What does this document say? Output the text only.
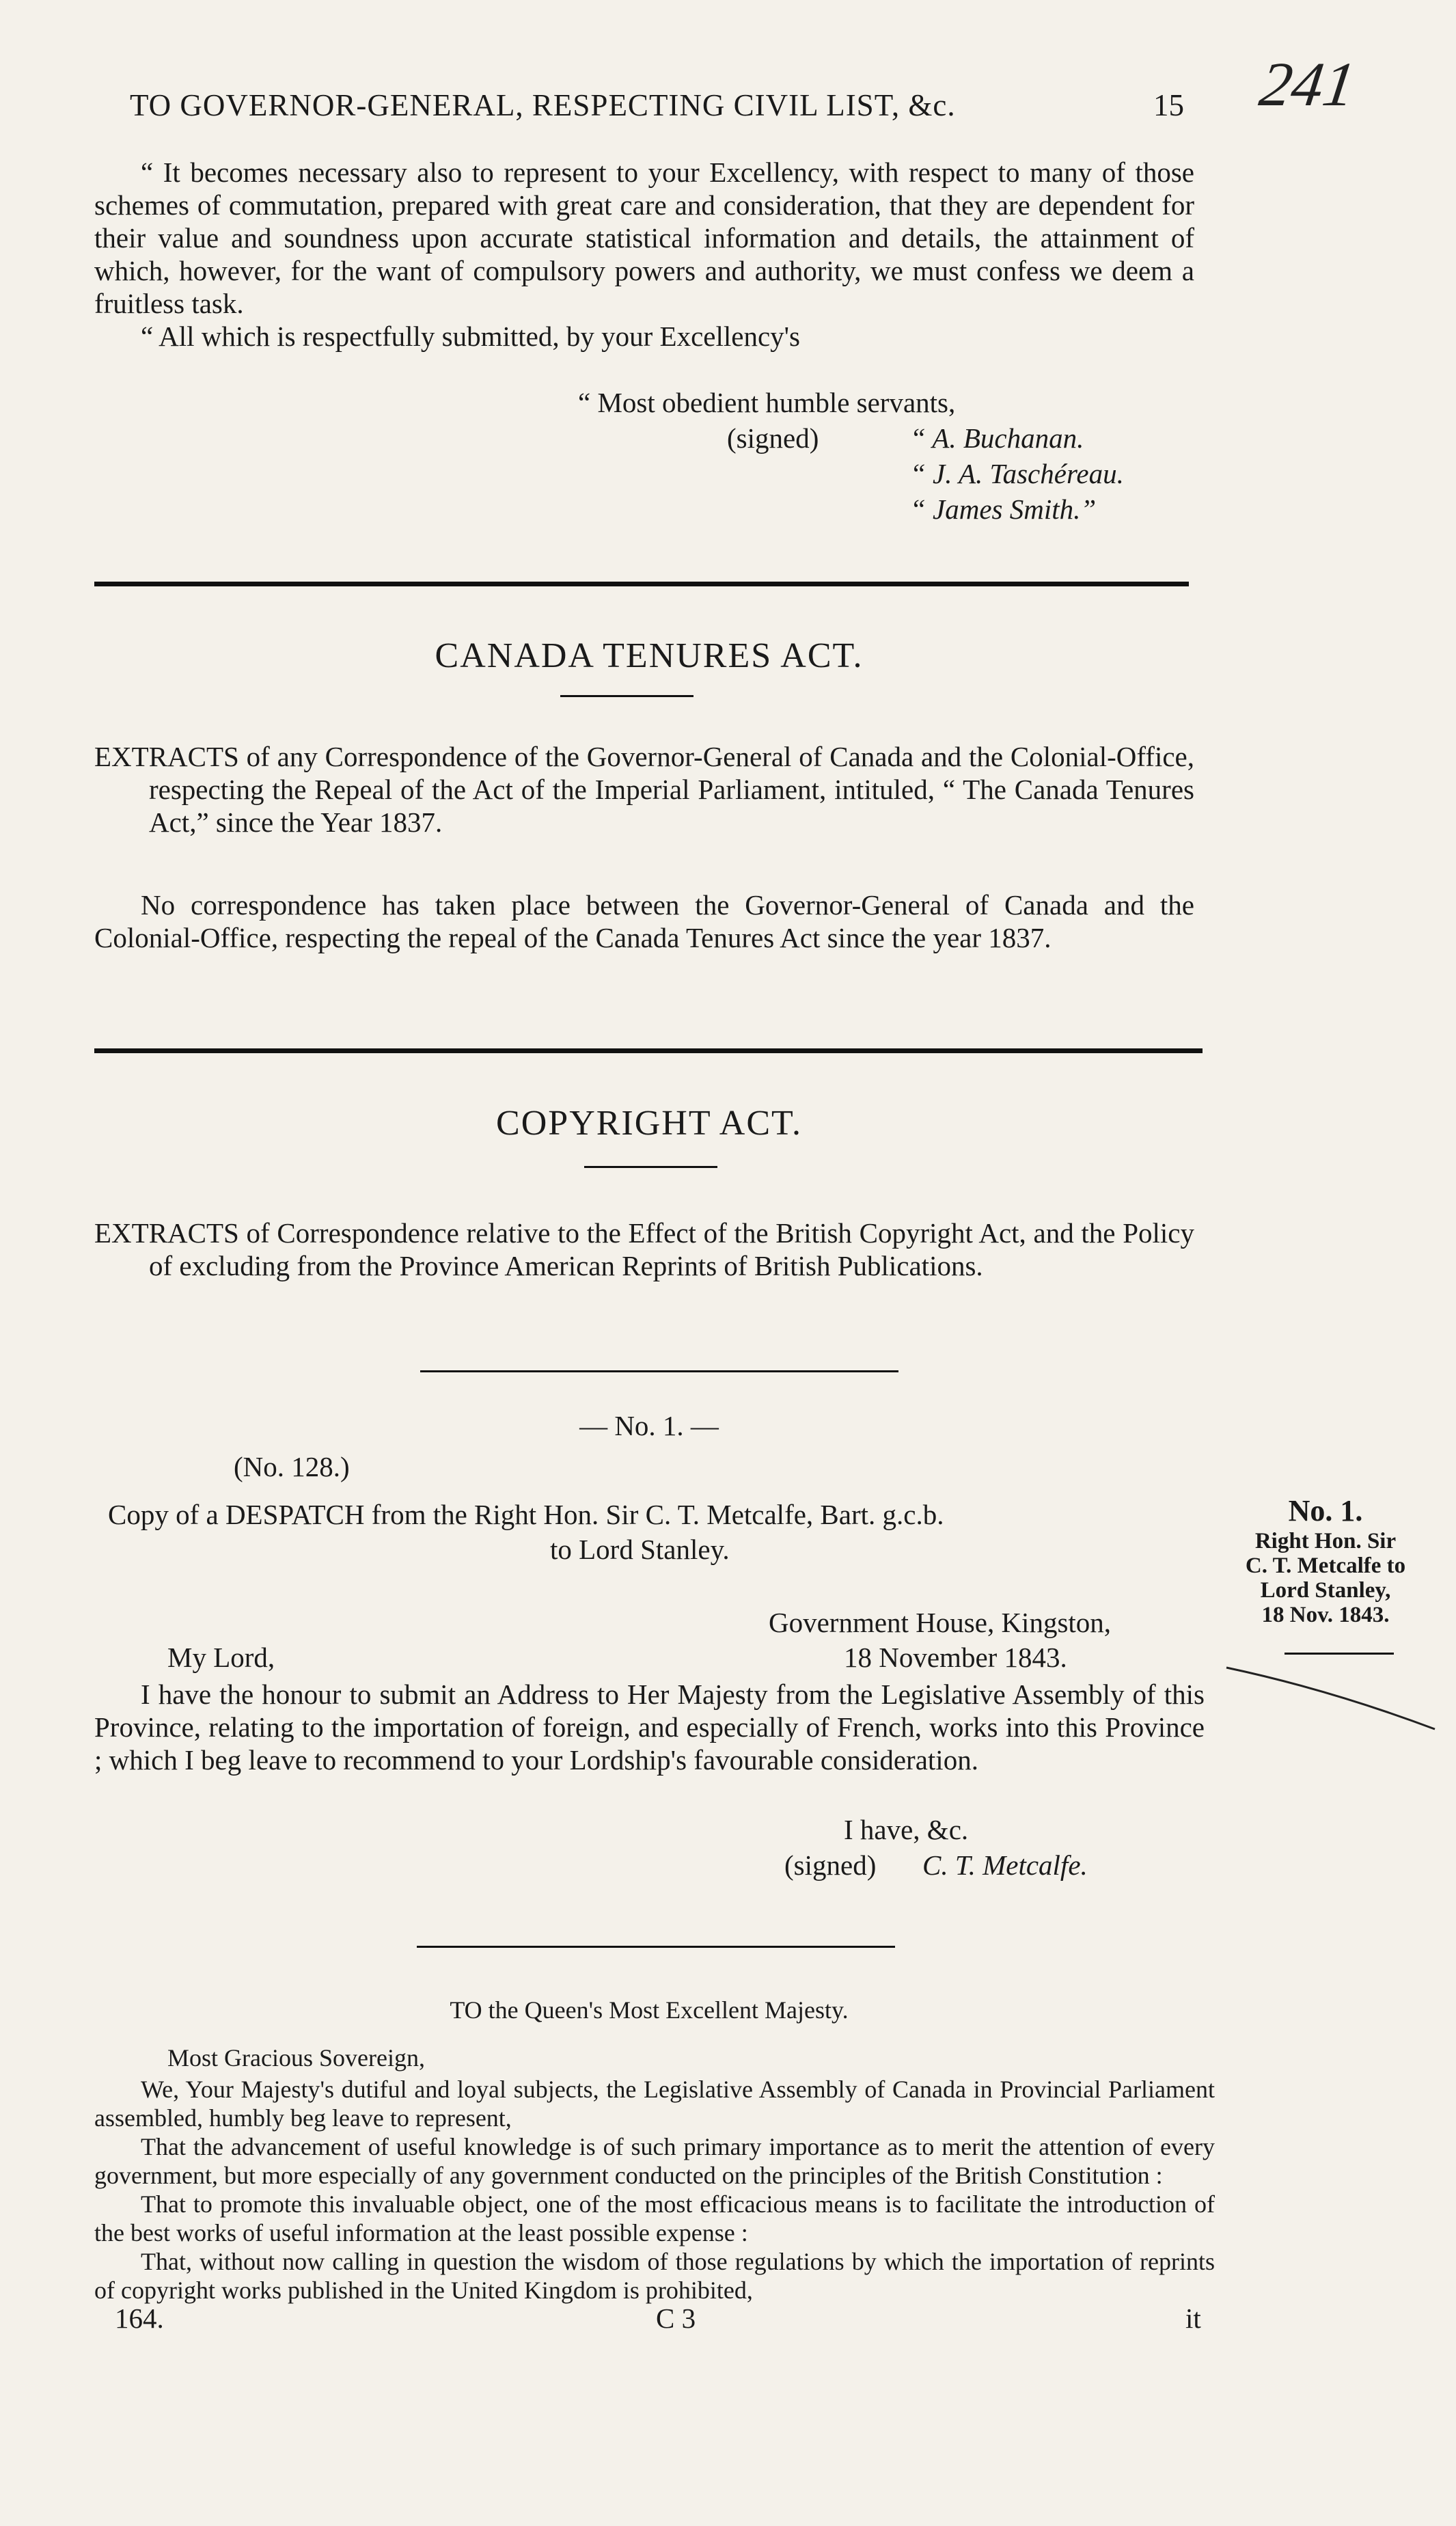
TO GOVERNOR-GENERAL, RESPECTING CIVIL LIST, &c.	15 241

“ It becomes necessary also to represent to your Excellency, with respect to many of those schemes of commutation, prepared with great care and consideration, that they are dependent for their value and soundness upon accurate statistical information and details, the attainment of which, however, for the want of compulsory powers and authority, we must confess we deem a fruitless task.

“ All which is respectfully submitted, by your Excellency's

“ Most obedient humble servants,
(signed)	“ A. Buchanan.
“ J. A. Taschéreau.
“ James Smith.”
CANADA TENURES ACT.

EXTRACTS of any Correspondence of the Governor-General of Canada and the Colonial-Office, respecting the Repeal of the Act of the Imperial Parliament, intituled, “ The Canada Tenures Act,” since the Year 1837.

No correspondence has taken place between the Governor-General of Canada and the Colonial-Office, respecting the repeal of the Canada Tenures Act since the year 1837.

COPYRIGHT ACT.

EXTRACTS of Correspondence relative to the Effect of the British Copyright Act, and the Policy of excluding from the Province American Reprints of British Publications.

— No. 1. —
(No. 128.)
Copy of a DESPATCH from the Right Hon. Sir C. T. Metcalfe, Bart. g.c.b.
to Lord Stanley.
Government House, Kingston,
My Lord,	18 November 1843.

I have the honour to submit an Address to Her Majesty from the Legislative Assembly of this Province, relating to the importation of foreign, and especially of French, works into this Province ; which I beg leave to recommend to your Lordship's favourable consideration.

I have, &c.
(signed) C. T. Metcalfe.
No. 1.
Right Hon. Sir
C. T. Metcalfe to
Lord Stanley,
18 Nov. 1843.
TO the Queen's Most Excellent Majesty.
Most Gracious Sovereign,

We, Your Majesty's dutiful and loyal subjects, the Legislative Assembly of Canada in Provincial Parliament assembled, humbly beg leave to represent,

That the advancement of useful knowledge is of such primary importance as to merit the attention of every government, but more especially of any government conducted on the principles of the British Constitution :

That to promote this invaluable object, one of the most efficacious means is to facilitate the introduction of the best works of useful information at the least possible expense :

That, without now calling in question the wisdom of those regulations by which the importation of reprints of copyright works published in the United Kingdom is prohibited,

164.	C 3	it
